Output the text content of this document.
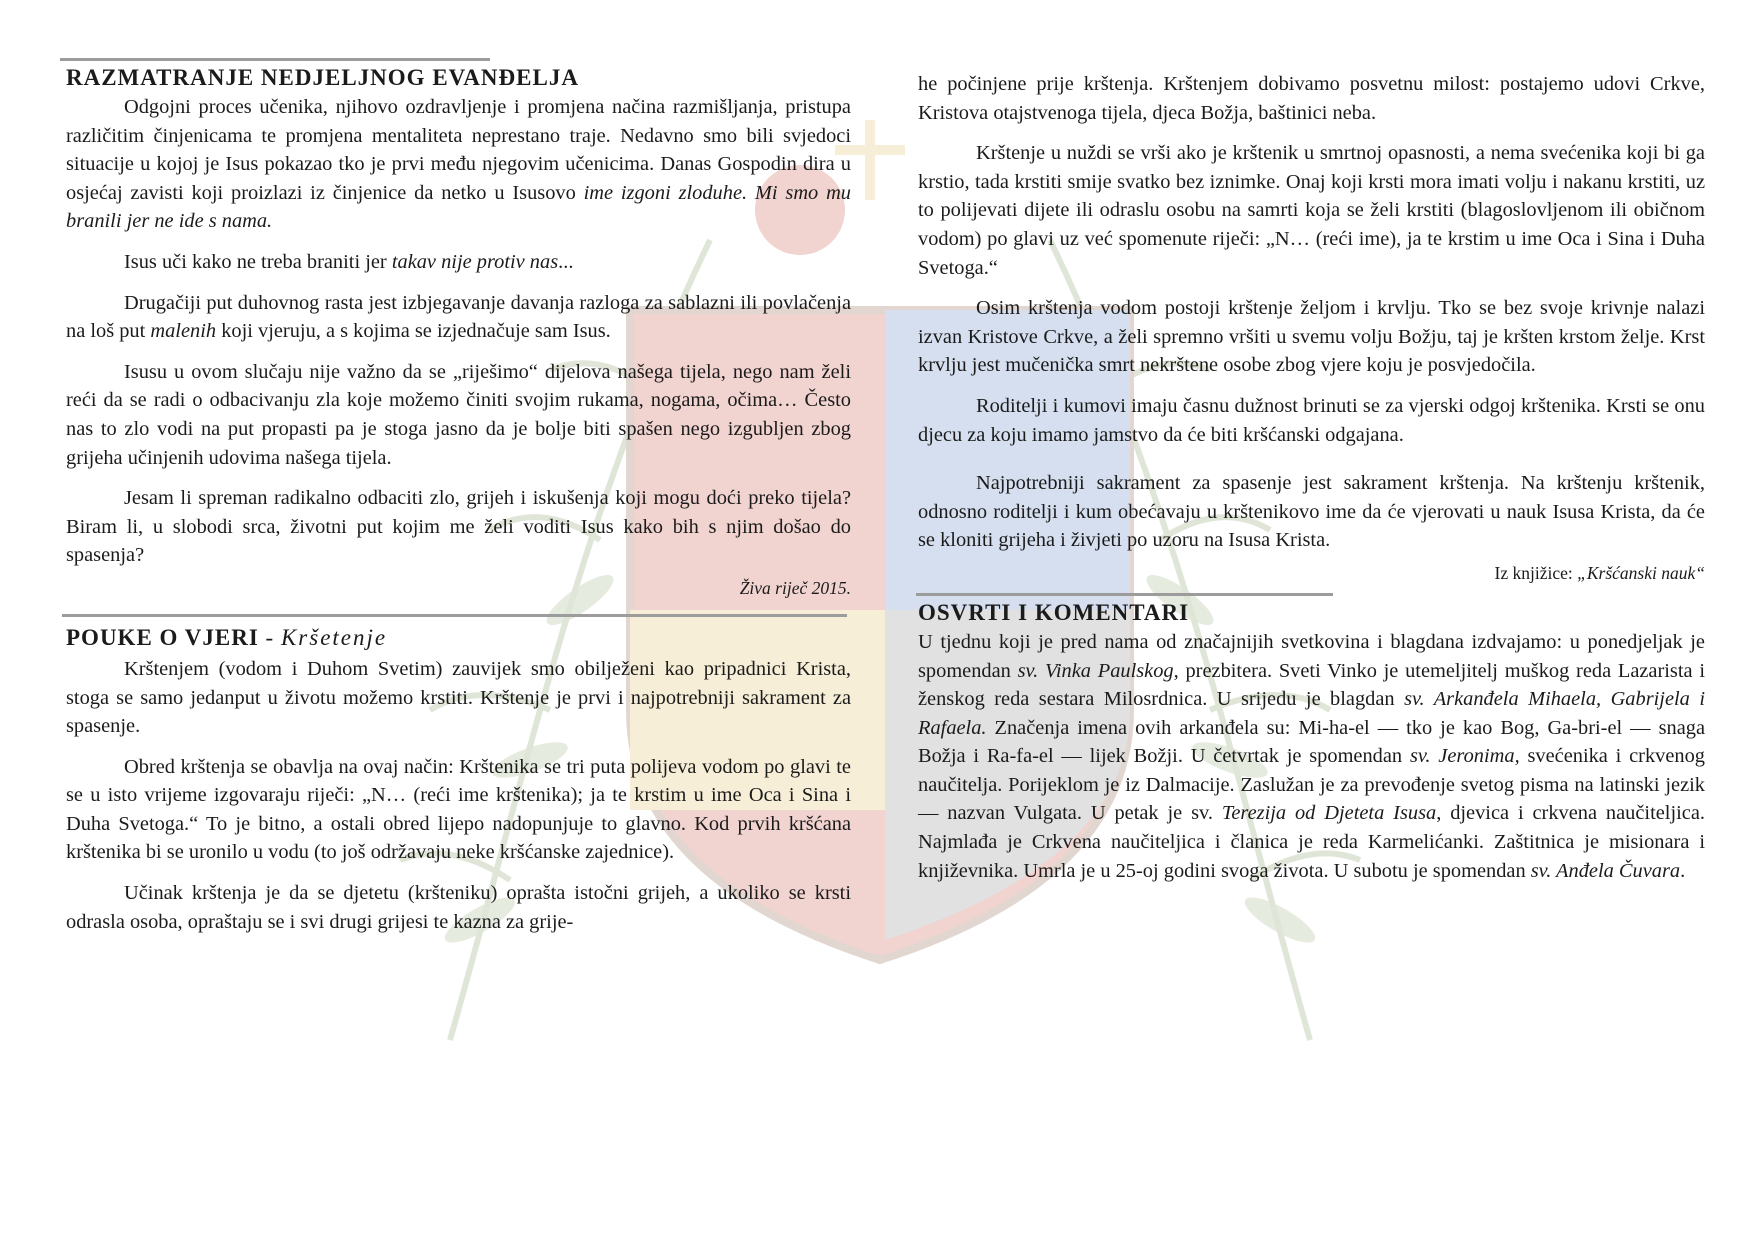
RAZMATRANJE NEDJELJNOG EVANĐELJA

Odgojni proces učenika, njihovo ozdravljenje i promjena načina razmišljanja, pristupa različitim činjenicama te promjena mentaliteta neprestano traje. Nedavno smo bili svjedoci situacije u kojoj je Isus pokazao tko je prvi među njegovim učenicima. Danas Gospodin dira u osjećaj zavisti koji proizlazi iz činjenice da netko u Isusovo ime izgoni zloduhe. Mi smo mu branili jer ne ide s nama.

Isus uči kako ne treba braniti jer takav nije protiv nas...

Drugačiji put duhovnog rasta jest izbjegavanje davanja razloga za sablazni ili povlačenja na loš put malenih koji vjeruju, a s kojima se izjednačuje sam Isus.

Isusu u ovom slučaju nije važno da se „riješimo“ dijelova našega tijela, nego nam želi reći da se radi o odbacivanju zla koje možemo činiti svojim rukama, nogama, očima… Često nas to zlo vodi na put propasti pa je stoga jasno da je bolje biti spašen nego izgubljen zbog grijeha učinjenih udovima našega tijela.

Jesam li spreman radikalno odbaciti zlo, grijeh i iskušenja koji mogu doći preko tijela? Biram li, u slobodi srca, životni put kojim me želi voditi Isus kako bih s njim došao do spasenja?

Živa riječ 2015.
POUKE O VJERI - Kršetenje

Krštenjem (vodom i Duhom Svetim) zauvijek smo obilježeni kao pripadnici Krista, stoga se samo jedanput u životu možemo krstiti. Krštenje je prvi i najpotrebniji sakrament za spasenje.

Obred krštenja se obavlja na ovaj način: Krštenika se tri puta polijeva vodom po glavi te se u isto vrijeme izgovaraju riječi: „N… (reći ime krštenika); ja te krstim u ime Oca i Sina i Duha Svetoga.“ To je bitno, a ostali obred lijepo nadopunjuje to glavno. Kod prvih kršćana krštenika bi se uronilo u vodu (to još održavaju neke kršćanske zajednice).

Učinak krštenja je da se djetetu (kršteniku) oprašta istočni grijeh, a ukoliko se krsti odrasla osoba, opraštaju se i svi drugi grijesi te kazna za grije-

he počinjene prije krštenja. Krštenjem dobivamo posvetnu milost: postajemo udovi Crkve, Kristova otajstvenoga tijela, djeca Božja, baštinici neba.

Krštenje u nuždi se vrši ako je krštenik u smrtnoj opasnosti, a nema svećenika koji bi ga krstio, tada krstiti smije svatko bez iznimke. Onaj koji krsti mora imati volju i nakanu krstiti, uz to polijevati dijete ili odraslu osobu na samrti koja se želi krstiti (blagoslovljenom ili običnom vodom) po glavi uz već spomenute riječi: „N… (reći ime), ja te krstim u ime Oca i Sina i Duha Svetoga.“

Osim krštenja vodom postoji krštenje željom i krvlju. Tko se bez svoje krivnje nalazi izvan Kristove Crkve, a želi spremno vršiti u svemu volju Božju, taj je kršten krstom želje. Krst krvlju jest mučenička smrt nekrštene osobe zbog vjere koju je posvjedočila.

Roditelji i kumovi imaju časnu dužnost brinuti se za vjerski odgoj krštenika. Krsti se onu djecu za koju imamo jamstvo da će biti kršćanski odgajana.

Najpotrebniji sakrament za spasenje jest sakrament krštenja. Na krštenju krštenik, odnosno roditelji i kum obećavaju u krštenikovo ime da će vjerovati u nauk Isusa Krista, da će se kloniti grijeha i živjeti po uzoru na Isusa Krista.

Iz knjižice: „Kršćanski nauk“
OSVRTI I KOMENTARI

U tjednu koji je pred nama od značajnijih svetkovina i blagdana izdvajamo: u ponedjeljak je spomendan sv. Vinka Paulskog, prezbitera. Sveti Vinko je utemeljitelj muškog reda Lazarista i ženskog reda sestara Milosrdnica. U srijedu je blagdan sv. Arkanđela Mihaela, Gabrijela i Rafaela. Značenja imena ovih arkanđela su: Mi-ha-el — tko je kao Bog, Ga-bri-el — snaga Božja i Ra-fa-el — lijek Božji. U četvrtak je spomendan sv. Jeronima, svećenika i crkvenog naučitelja. Porijeklom je iz Dalmacije. Zaslužan je za prevođenje svetog pisma na latinski jezik — nazvan Vulgata. U petak je sv. Terezija od Djeteta Isusa, djevica i crkvena naučiteljica. Najmlađa je Crkvena naučiteljica i članica je reda Karmelićanki. Zaštitnica je misionara i književnika. Umrla je u 25-oj godini svoga života. U subotu je spomendan sv. Anđela Čuvara.
